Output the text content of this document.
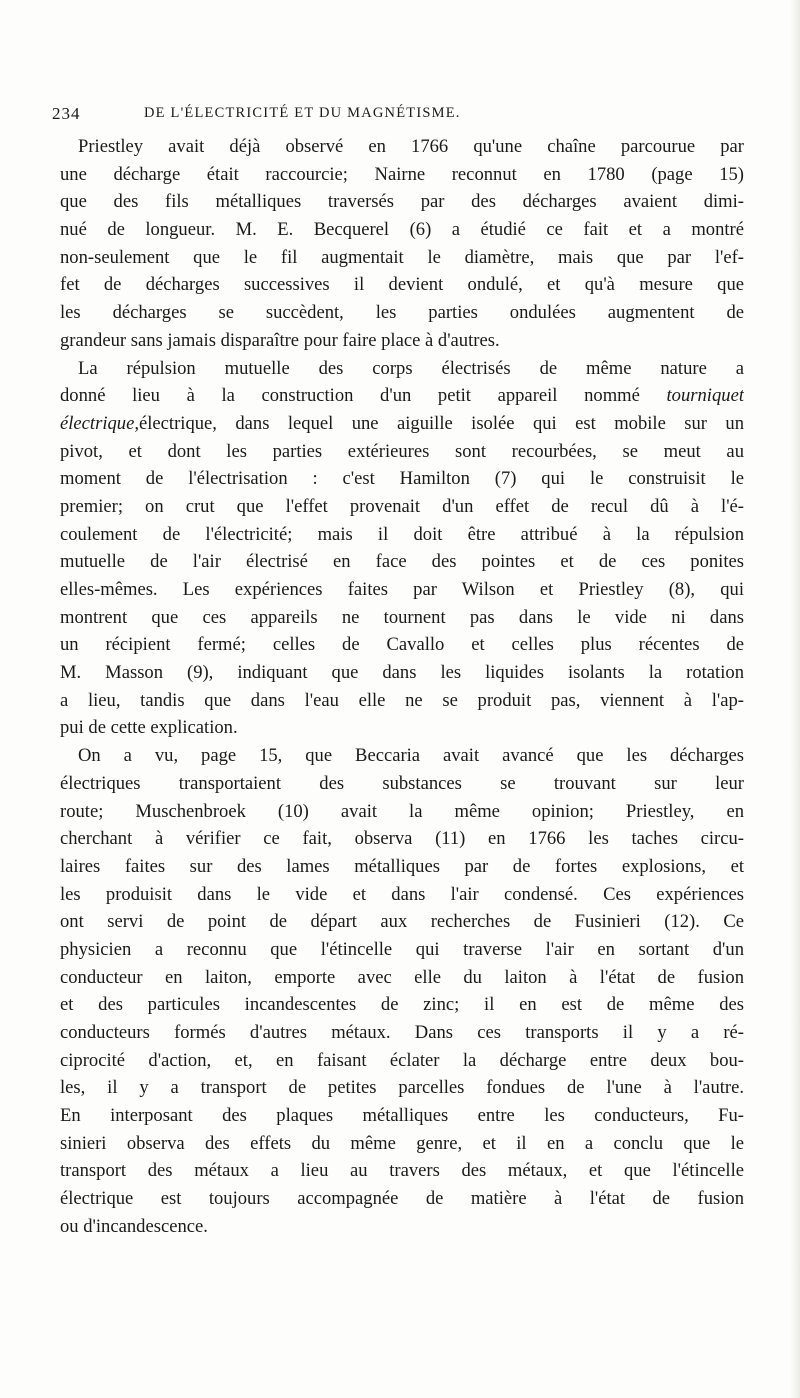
234	DE L'ÉLECTRICITÉ ET DU MAGNÉTISME.
Priestley avait déjà observé en 1766 qu'une chaîne parcourue par
une décharge était raccourcie; Nairne reconnut en 1780 (page 15)
que des fils métalliques traversés par des décharges avaient dimi-
nué de longueur. M. E. Becquerel (6) a étudié ce fait et a montré
non-seulement que le fil augmentait le diamètre, mais que par l'ef-
fet de décharges successives il devient ondulé, et qu'à mesure que
les décharges se succèdent, les parties ondulées augmentent de
grandeur sans jamais disparaître pour faire place à d'autres.
La répulsion mutuelle des corps électrisés de même nature a
donné lieu à la construction d'un petit appareil nommé tourniquet
électrique,électrique, dans lequel une aiguille isolée qui est mobile sur un
pivot, et dont les parties extérieures sont recourbées, se meut au
moment de l'électrisation : c'est Hamilton (7) qui le construisit le
premier; on crut que l'effet provenait d'un effet de recul dû à l'é-
coulement de l'électricité; mais il doit être attribué à la répulsion
mutuelle de l'air électrisé en face des pointes et de ces ponites
elles-mêmes. Les expériences faites par Wilson et Priestley (8), qui
montrent que ces appareils ne tournent pas dans le vide ni dans
un récipient fermé; celles de Cavallo et celles plus récentes de
M. Masson (9), indiquant que dans les liquides isolants la rotation
a lieu, tandis que dans l'eau elle ne se produit pas, viennent à l'ap-
pui de cette explication.
On a vu, page 15, que Beccaria avait avancé que les décharges
électriques transportaient des substances se trouvant sur leur
route; Muschenbroek (10) avait la même opinion; Priestley, en
cherchant à vérifier ce fait, observa (11) en 1766 les taches circu-
laires faites sur des lames métalliques par de fortes explosions, et
les produisit dans le vide et dans l'air condensé. Ces expériences
ont servi de point de départ aux recherches de Fusinieri (12). Ce
physicien a reconnu que l'étincelle qui traverse l'air en sortant d'un
conducteur en laiton, emporte avec elle du laiton à l'état de fusion
et des particules incandescentes de zinc; il en est de même des
conducteurs formés d'autres métaux. Dans ces transports il y a ré-
ciprocité d'action, et, en faisant éclater la décharge entre deux bou-
les, il y a transport de petites parcelles fondues de l'une à l'autre.
En interposant des plaques métalliques entre les conducteurs, Fu-
sinieri observa des effets du même genre, et il en a conclu que le
transport des métaux a lieu au travers des métaux, et que l'étincelle
électrique est toujours accompagnée de matière à l'état de fusion
ou d'incandescence.
